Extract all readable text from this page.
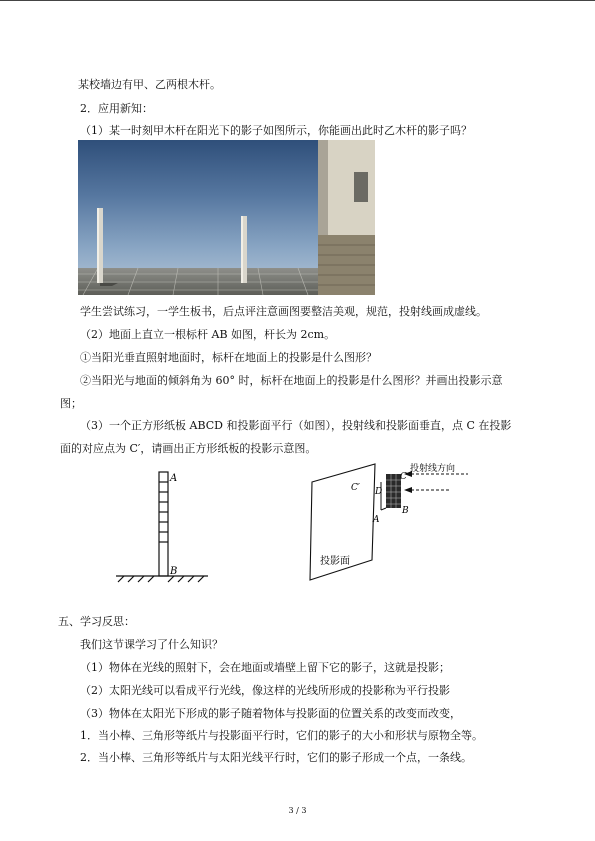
某校墙边有甲、乙两根木杆。
2．应用新知：
（1）某一时刻甲木杆在阳光下的影子如图所示，你能画出此时乙木杆的影子吗？
学生尝试练习，一学生板书，后点评注意画图要整洁美观，规范，投射线画成虚线。
（2）地面上直立一根标杆 AB 如图，杆长为 2cm。
①当阳光垂直照射地面时，标杆在地面上的投影是什么图形？
②当阳光与地面的倾斜角为 60° 时，标杆在地面上的投影是什么图形？并画出投影示意
图；
（3）一个正方形纸板 ABCD 和投影面平行（如图），投射线和投影面垂直，点 C 在投影
面的对应点为 C′，请画出正方形纸板的投影示意图。
A
B
投射线方向
C′
C
D
B
A
投影面
五、学习反思：
我们这节课学习了什么知识？
（1）物体在光线的照射下，会在地面或墙壁上留下它的影子，这就是投影；
（2）太阳光线可以看成平行光线，像这样的光线所形成的投影称为平行投影
（3）物体在太阳光下形成的影子随着物体与投影面的位置关系的改变而改变，
1．当小棒、三角形等纸片与投影面平行时，它们的影子的大小和形状与原物全等。
2．当小棒、三角形等纸片与太阳光线平行时，它们的影子形成一个点，一条线。
3 / 3
